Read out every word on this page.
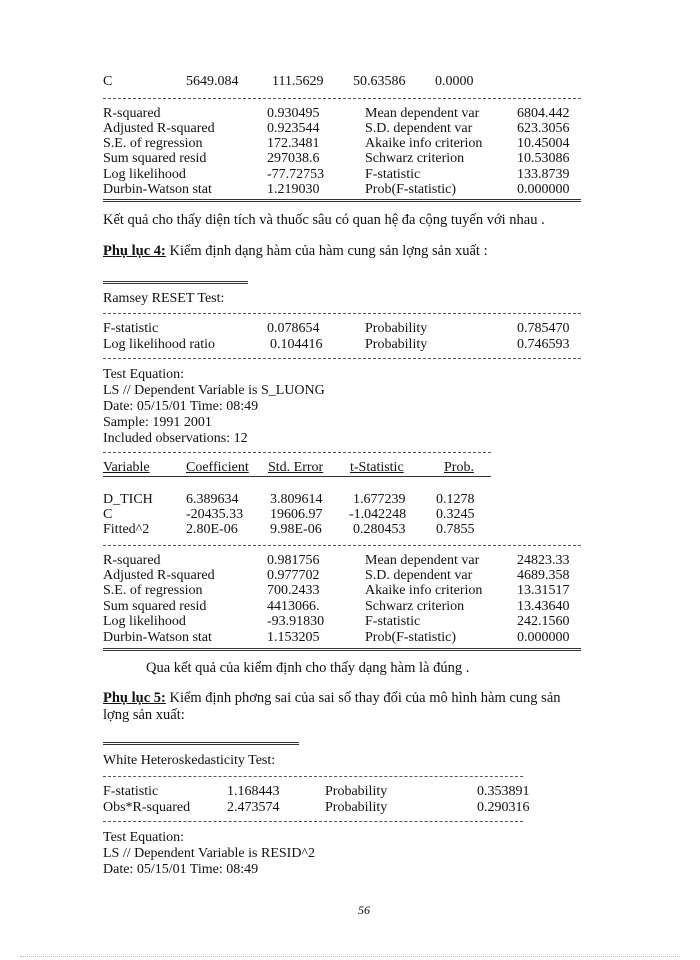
C	5649.084 111.5629 50.63586 0.0000
R-squared	0.930495	Mean dependent var	6804.442
Adjusted R-squared	0.923544	S.D. dependent var	623.3056
S.E. of regression	172.3481	Akaike info criterion 10.45004
Sum squared resid	297038.6	Schwarz criterion	10.53086
Log likelihood	-77.72753	F-statistic	133.8739
Durbin-Watson stat	1.219030	Prob(F-statistic)	0.000000
Kết quả cho thấy diện tích và thuốc sâu có quan hệ đa cộng tuyến với nhau .
Phụ lục 4: Kiểm định dạng hàm của hàm cung sản lợng sản xuất :
Ramsey RESET Test:
F-statistic	0.078654	Probability	0.785470
Log likelihood ratio	0.104416	Probability	0.746593
Test Equation:
LS // Dependent Variable is S_LUONG
Date: 05/15/01 Time: 08:49
Sample: 1991 2001
Included observations: 12
Variable	Coefficient Std. Error t-Statistic	Prob.
D_TICH 6.389634 3.809614 1.677239 0.1278
C	-20435.33 19606.97 -1.042248 0.3245
Fitted^2	2.80E-06 9.98E-06 0.280453 0.7855
R-squared	0.981756	Mean dependent var	24823.33
Adjusted R-squared	0.977702	S.D. dependent var	4689.358
S.E. of regression	700.2433	Akaike info criterion 13.31517
Sum squared resid	4413066.	Schwarz criterion	13.43640
Log likelihood	-93.91830	F-statistic	242.1560
Durbin-Watson stat	1.153205	Prob(F-statistic)	0.000000
Qua kết quả của kiểm định cho thấy dạng hàm là đúng .
Phụ lục 5: Kiểm định phơng sai của sai số thay đổi của mô hình hàm cung sản
lợng sản xuất:
White Heteroskedasticity Test:
F-statistic	1.168443	Probability	0.353891
Obs*R-squared	2.473574	Probability	0.290316
Test Equation:
LS // Dependent Variable is RESID^2
Date: 05/15/01 Time: 08:49
56
